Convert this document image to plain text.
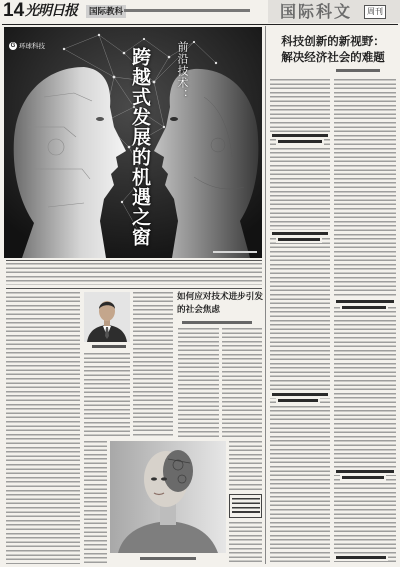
14 光明日报	国际教科	国际科文	周刊
G 环球科技	前沿技术：
跨越式发展的机遇之窗
如何应对技术进步引发
的社会焦虑
科技创新的新视野：
解决经济社会的难题
